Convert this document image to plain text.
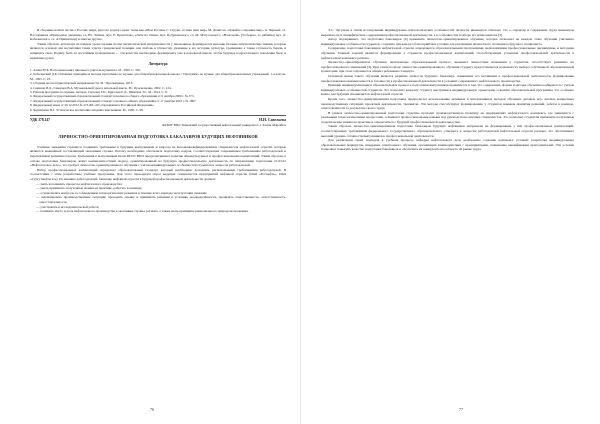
В сборнике вошли песни о России, мире, красоте родного края: темы как «Мои Россия» Г. Струве, «Слава наш мир» М. Денисон, «Давайте сохраним мир» А. Черный, сл. Н.Старикова «Природное дыхание» сл. Ю. Энтина, муз. Е. Крылатова, «Лети на птице» муз. И.Дунаевского, сл. М. Матусовского, «Наш край» (Та береза, то рябинка) муз. Д. Кабалевского, сл. А.Пришельца) и многие другие.

Таким образом, используя на каждом уроке музыки песни патриотической направленности у школьников формируются высокие базовые патриотические знания, которые являются основой для воспитания таких чувств гражданской позиции, как любовь к Отечеству, уважение к его истории, культуре, традициям, а также готовность беречь и защищать свою Родину, быть её достойным гражданином — эти качества необходимо формировать уже в начальной школе, чтобы будущее подрастающего поколения было в надёжных руках.

Литература

1. Алиев Ю.Б. Настольная книга школьного учителя-музыканта. М., 2000. С. 336.

2. Кабалевский Д.Б. Основные принципы и методы программы по музыке для общеобразовательной школы // Программа по музыке для общеобразовательных учреждений. 1-4 классы. М., 1995. С. 23.

3. Сборник песен патриотической направленности. М.: Просвещение, 2013.

4. Семенов И.Д., Скворцов В.А. Музыкальный урок в начальной школе. М.: Просвещение, 2002. С. 124.

5. Рабочая программа по музыке. Авторы: Сергеева Г.П., Критская Е.Д., Шмагина Т.С. М., 2014. С. 8.

6. Федеральный государственный образовательный стандарт начального общего образования от 6 октября 2009 г. № 373.

7. Федеральный государственный образовательный стандарт основного общего образования от 17 декабря 2010 г. № 1897.

8. Федеральный закон от 29.12.2012 № 273-ФЗ «Об образовании в Российской Федерации».

9. Чернышева Н.Г. Эстетическое воспитание младших школьников. М., 1990. С. 98.

УДК 378.147	Н.Н. Савельева
ФГБОУ ВПО Тюменский государственный нефтегазовый университет, г. Ханты-Мансийск
ЛИЧНОСТНО-ОРИЕНТИРОВАННАЯ ПОДГОТОВКА БАКАЛАВРОВ БУДУЩИХ НЕФТЯНИКОВ

Учебные заведения стремятся соединить требования к будущим выпускникам и запросы на высококвалифицированных специалистов нефтегазовой отрасли, которые являются важнейшей составляющей экономики страны. Потому необходимо обеспечить подготовку кадров, соответствующих современным требованиям работодателей и перспективам развития отрасли. Требования к выпускникам вузов ФГОС ВПО предусматривают наличие общекультурных и профессиональных компетенций. Таким образом, в основе подготовки бакалавров лежит компетентностный подход, ориентированный на будущую профессиональную деятельность по направлению подготовки 21.03.01 «Нефтегазовое дело», что требует личностно-ориентированного обучения с учётом индивидуальных особенностей студентов и запросов работодателей.

Набор профессиональных компетенций определяет образовательный стандарт, который необходимо дополнить региональными требованиями работодателей. В соответствии с этим разработаны учебные программы. Для этого проводился опрос ведущих специалистов предприятий нефтяной отрасли (ОАО «Роснефть», ОАО «Сургутнефтегаз»). По мнению работодателей, бакалавр нефтяной отрасли в будущей профессиональной деятельности должен:

— знать и понимать процессы нефтегазового производства;

— уметь применять полученные знания на практике, работать в команде;

— осуществлять контроль за соблюдением технологических режимов в течение всего периода эксплуатации скважин;

— анализировать производственные ситуации, проводить оценку и принимать решения в условиях неопределённости, проявлять ответственность, ответственность, самостоятельность;

— участвовать в исследовательской работе;

— понимать место и роль нефтегазового производства в экономике страны, региона, а также знать принципы рационального природопользования.

76

Э.С. Чугунова в своём исследовании индивидуально-психологических особенностей личности инженеров отмечает, что «...характер и содержание труда инженеров выражено не в специфическом содержании профессиональной деятельности, а в особенностях подбора его компонентов» [5].

Автор подчеркивает, что подготовка бакалавров [4] применять личностно-ориентированное обучение, которое позволяет на каждом этапе обучения учитывать индивидуальные особенности студентов, создавать для каждого благоприятные условия для реализации личностного потенциала будущего специалиста.

Содержание подготовки бакалавров нефтегазовой отрасли определяется образовательными программами, включающими профессиональные дисциплины, и методами обучения. Главной задачей является формирование у студентов профессиональных компетенций, способствующих успешной профессиональной деятельности в нефтегазовом комплексе региона.

Личностно-ориентированное обучение, включающее образовательный процесс, вызывает личностные изменения у студентов, способствует развитию их профессионального мышления [3]. При таком подходе личностно-ориентированного обучения студенту предоставляется возможность выбора собственной образовательной траектории, при этом сохраняются общие требования стандарта.

Основной целью такого обучения является развитие личности будущего бакалавра, повышение его мотивации к профессиональной деятельности, формирование профессионально важных качеств и готовности к профессиональной деятельности в условиях современного нефтегазового производства.

Принцип индивидуализации в образовательном процессе подготовки выпускников проявляется в том, что содержание, формы и методы обучения подбираются с учётом индивидуальных особенностей студентов. Это позволяет каждому студенту выстраивать индивидуальную траекторию освоения образовательной программы, что особенно важно для будущих специалистов нефтегазовой отрасли.

Кроме того, личностно-ориентированная подготовка предполагает использование активных и интерактивных методов обучения: деловых игр, анализа конкретных производственных ситуаций, проектной деятельности, тренингов. Эти методы способствуют формированию у студентов навыков принятия решений, работы в команде, ответственности за результаты своего труда.

В рамках личностно-ориентированной подготовки студенты проходят производственную практику на предприятиях нефтегазового комплекса, где знакомятся с реальными технологическими процессами, осваивают профессиональные навыки под руководством опытных специалистов. Это позволяет студентам применить полученные теоретические знания на практике и определиться с будущей профессиональной деятельностью.

Таким образом, личностно-ориентированная подготовка бакалавров будущих нефтяников направлена на формирование у них профессиональных компетенций, соответствующих требованиям федерального государственного образовательного стандарта и запросам работодателей нефтегазовой отрасли региона, что обеспечивает высокий уровень готовности выпускников к профессиональной деятельности.

Для реализации таких подходов в учебном процессе кафедры нефтегазового дела необходимо создание комплекса условий: разработка индивидуальных образовательных маршрутов, внедрение электронного обучения, организация взаимодействия с предприятиями, повышение квалификации преподавателей. Эти условия позволяют повысить качество подготовки бакалавров и обеспечить их конкурентоспособность на рынке труда.

77
